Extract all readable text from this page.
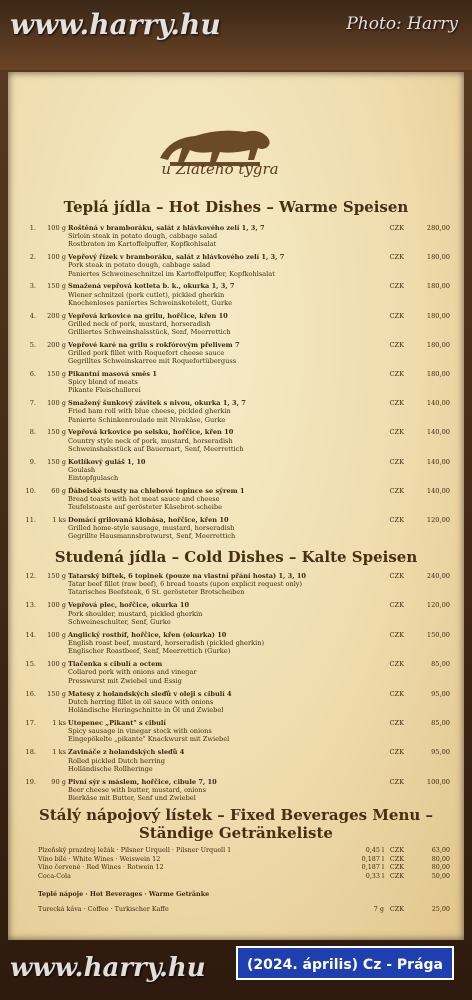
www.harry.hu	Photo: Harry
u Zlatého tygra
Teplá jídla – Hot Dishes – Warme Speisen
1.	100 g Roštěná v bramboráku, salát z hlávkového zelí 1, 3, 7	CZK	280,00
Sirloin steak in potato dough, cabbage salad
Rostbraten im Kartoffelpuffer, Kopfkohlsalat
2.	100 g Vepřový řízek v bramboráku, salát z hlávkového zelí 1, 3, 7	CZK	180,00
Pork steak in potato dough, cabbage salad
Paniertes Schweineschnitzel im Kartoffelpuffer, Kopfkohlsalat
3.	150 g Smažená vepřová kotleta b. k., okurka 1, 3, 7	CZK	180,00
Wiener schnitzel (pork cutlet), pickled gherkin
Knochenloses paniertes Schweinskotelett, Gurke
4.	200 g Vepřová krkovice na grilu, hořčice, křen 10	CZK	180,00
Grilled neck of pork, mustard, horseradish
Grilliertes Schweinshalsstück, Senf, Meerrettich
5.	200 g Vepřové karé na grilu s rokfórovým přelivem 7	CZK	180,00
Grilled pork fillet with Roquefort cheese sauce
Gegrilltes Schweinskarree mit Roquefortüberguss
6.	150 g Pikantní masová směs 1	CZK	180,00
Spicy blend of meats
Pikante Fleischallerei
7.	100 g Smažený šunkový závitek s nivou, okurka 1, 3, 7	CZK	140,00
Fried ham roll with blue cheese, pickled gherkin
Panierte Schinkenroulade mit Nivakäse, Gurke
8.	150 g Vepřová krkovice po selsku, hořčice, křen 10	CZK	140,00
Country style neck of pork, mustard, horseradish
Schweinshalsstück auf Bauernart, Senf, Meerrettich
9.	150 g Kotlíkový guláš 1, 10	CZK	140,00
Goulash
Eintopfgulasch
10.	60 g Ďábelské tousty na chlebové topince se sýrem 1	CZK	140,00
Bread toasts with hot meat sauce and cheese
Teufelstoaste auf gerösteter Käsebrot-scheibe
11.	1 ks Domácí grilovaná klobása, hořčice, křen 10	CZK	120,00
Grilled home-style sausage, mustard, horseradish
Gegrillte Hausmannsbratwurst, Senf, Meerrettich
Studená jídla – Cold Dishes – Kalte Speisen
12.	150 g Tatarský biftek, 6 topinek (pouze na vlastní přání hosta) 1, 3, 10	CZK	240,00
Tatar beef fillet (raw beef), 6 bread toasts (upon explicit request only)
Tatarisches Beefsteak, 6 St. gerösteter Brotscheiben
13.	100 g Vepřová plec, hořčice, okurka 10	CZK	120,00
Pork shoulder, mustard, pickled gherkin
Schweineschulter, Senf, Gurke
14.	100 g Anglický rostbíf, hořčice, křen (okurka) 10	CZK	150,00
English roast beef, mustard, horseradish (pickled gherkin)
Englischer Roastbeef, Senf, Meerrettich (Gurke)
15.	100 g Tlačenka s cibulí a octem	CZK	85,00
Collared pork with onions and vinegar
Presswurst mit Zwiebel und Essig
16.	150 g Matesy z holandských sleďů v oleji s cibulí 4	CZK	95,00
Dutch herring fillet in oil sauce with onions
Holändische Heringschnitte in Öl und Zwiebel
17.	1 ks Utopenec „Pikant" s cibulí	CZK	85,00
Spicy sausage in vinegar stock with onions
Eingepökelte „pikante" Knackwurst mit Zwiebel
18.	1 ks Zavináče z holandských sleďů 4	CZK	95,00
Rolled pickled Dutch herring
Holländische Rollheringe
19.	90 g Pivní sýr s máslem, hořčice, cibule 7, 10	CZK	100,00
Beer cheese with butter, mustard, onions
Bierkäse mit Butter, Senf und Zwiebel
Stálý nápojový lístek – Fixed Beverages Menu –
Ständige Getränkeliste
Plzeňský prazdroj ležák · Pilsner Urquell · Pilsner Urquell 1	0,45 l CZK	63,00
Víno bílé · White Wines · Weiswein 12	0,187 l CZK	80,00
Víno červené · Red Wines · Rotwein 12	0,187 l CZK	80,00
Coca-Cola	0,33 l CZK	50,00
Teplé nápoje · Hot Beverages · Warme Getränke
Turecká káva · Coffee · Turkischer Kaffe	7 g CZK	25,00
www.harry.hu	(2024. április) Cz - Prága
